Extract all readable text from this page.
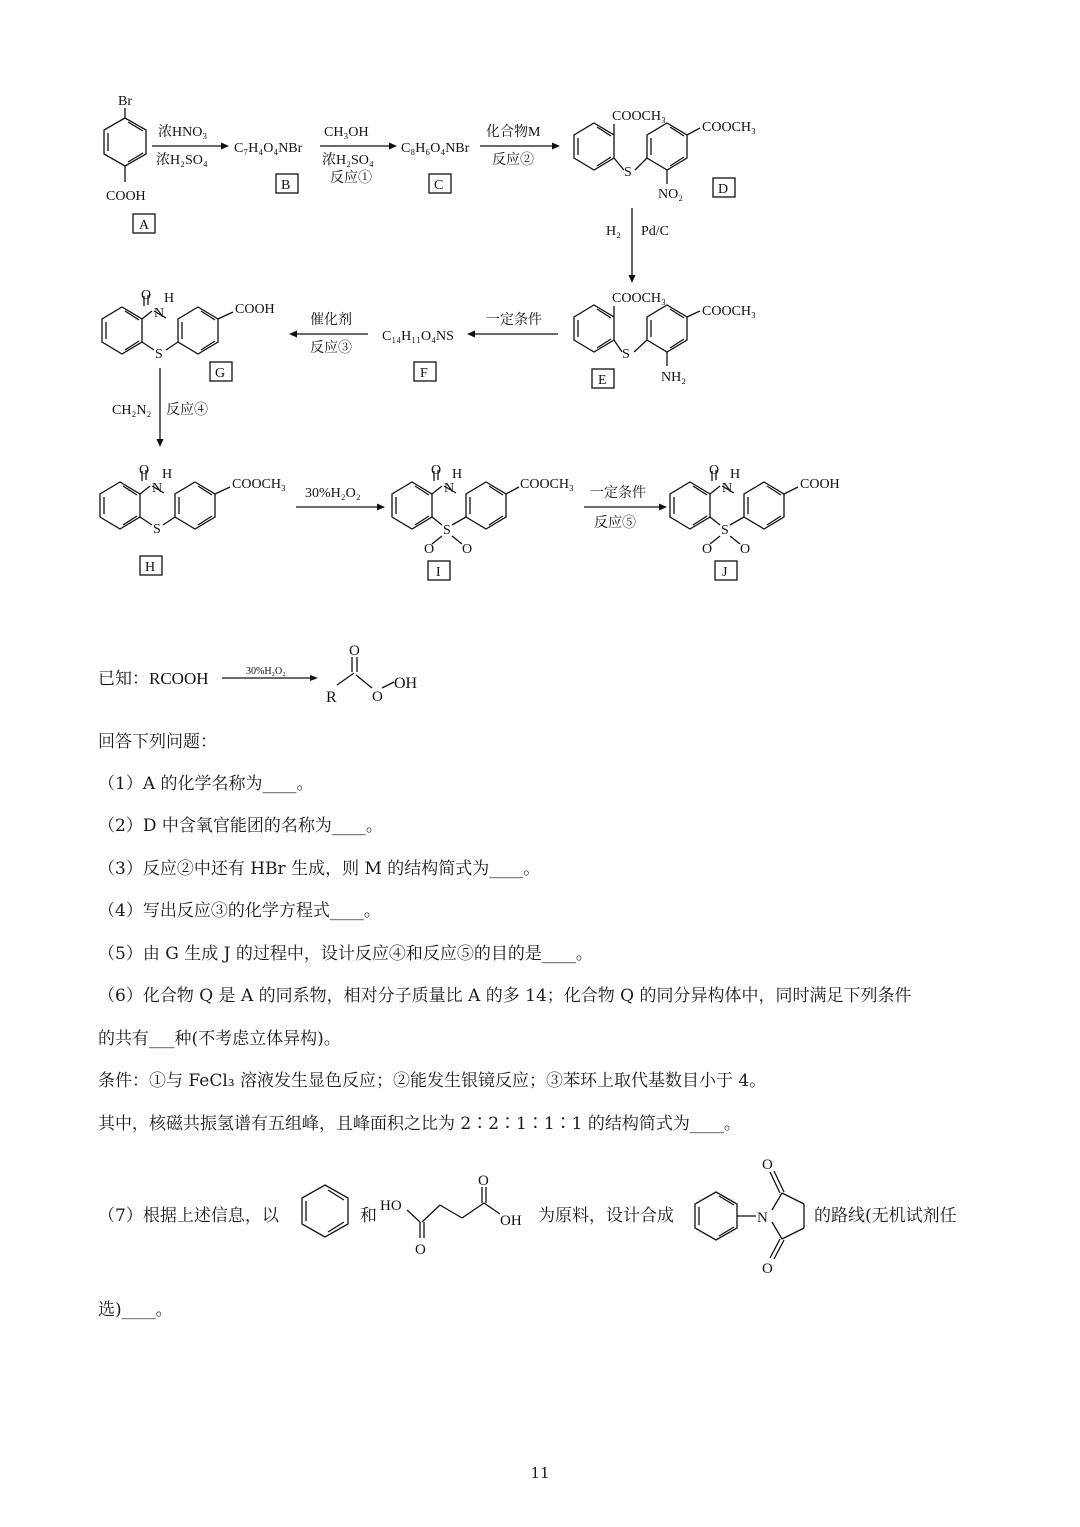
Br
COOH
A
浓HNO₃
浓H₂SO₄
C₇H₄O₄NBr
B
CH₃OH
浓H₂SO₄
反应①
C₈H₆O₄NBr
C
化合物M
反应②
COOCH₃
COOCH₃
S
NO₂ D
H₂ Pd/C
COOCH₃
COOCH₃
S
NH₂
E
一定条件
C₁₄H₁₁O₄NS
F
催化剂
反应③
O H
N
S
COOH
G
CH₂N₂ 反应④
O H
N
S
COOCH₃
H
30%H₂O₂
O H
N
S
O O
COOCH₃
I
一定条件
反应⑤
O H
N
S
O O
COOH
J
已知：RCOOH	30%H₂O₂
O
R O
OH
回答下列问题：
（1）A 的化学名称为____。
（2）D 中含氧官能团的名称为____。
（3）反应②中还有 HBr 生成，则 M 的结构简式为____。
（4）写出反应③的化学方程式____。
（5）由 G 生成 J 的过程中，设计反应④和反应⑤的目的是____。
（6）化合物 Q 是 A 的同系物，相对分子质量比 A 的多 14；化合物 Q 的同分异构体中，同时满足下列条件
的共有___种(不考虑立体异构)。
条件：①与 FeCl₃ 溶液发生显色反应；②能发生银镜反应；③苯环上取代基数目小于 4。
其中，核磁共振氢谱有五组峰，且峰面积之比为 2∶2∶1∶1∶1 的结构简式为____。
（7）根据上述信息，以	和	为原料，设计合成	的路线(无机试剂任
选)____。
HO
OH
O
O
N
O
O
11
